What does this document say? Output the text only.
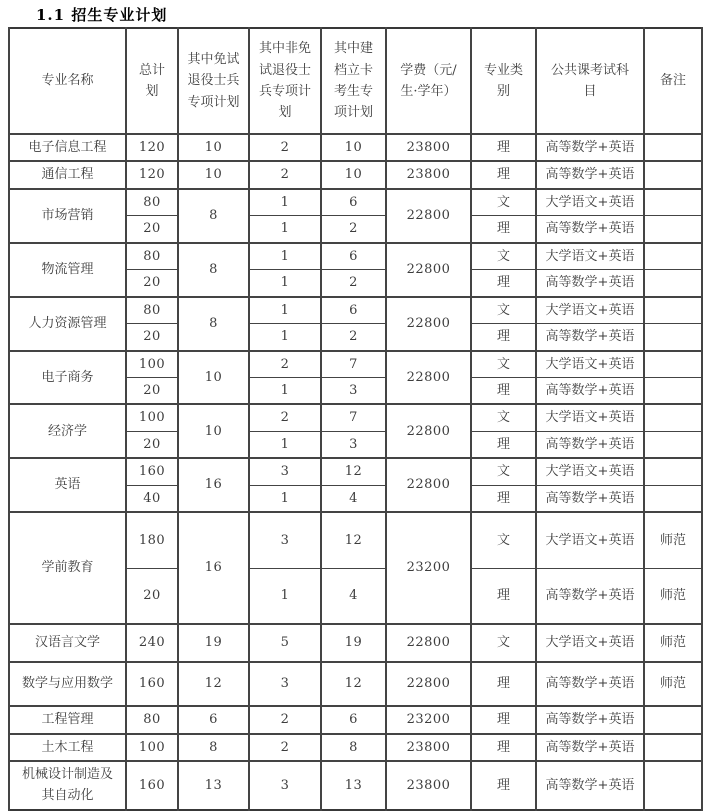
1.1 招生专业计划
专业名称	总计划	其中免试退役士兵专项计划	其中非免试退役士兵专项计划	其中建档立卡考生专项计划	学费（元/生·学年）	专业类别	公共课考试科目	备注
电子信息工程	120	10	2	10	23800	理	高等数学+英语	
通信工程	120	10	2	10	23800	理	高等数学+英语	
市场营销	80	8	1	6	22800	文	大学语文+英语	
	20		1	2		理	高等数学+英语	
物流管理	80	8	1	6	22800	文	大学语文+英语	
	20		1	2		理	高等数学+英语	
人力资源管理	80	8	1	6	22800	文	大学语文+英语	
	20		1	2		理	高等数学+英语	
电子商务	100	10	2	7	22800	文	大学语文+英语	
	20		1	3		理	高等数学+英语	
经济学	100	10	2	7	22800	文	大学语文+英语	
	20		1	3		理	高等数学+英语	
英语	160	16	3	12	22800	文	大学语文+英语	
	40		1	4		理	高等数学+英语	
学前教育	180	16	3	12	23200	文	大学语文+英语	师范
	20		1	4		理	高等数学+英语	师范
汉语言文学	240	19	5	19	22800	文	大学语文+英语	师范
数学与应用数学	160	12	3	12	22800	理	高等数学+英语	师范
工程管理	80	6	2	6	23200	理	高等数学+英语	
土木工程	100	8	2	8	23800	理	高等数学+英语	
机械设计制造及其自动化	160	13	3	13	23800	理	高等数学+英语	
